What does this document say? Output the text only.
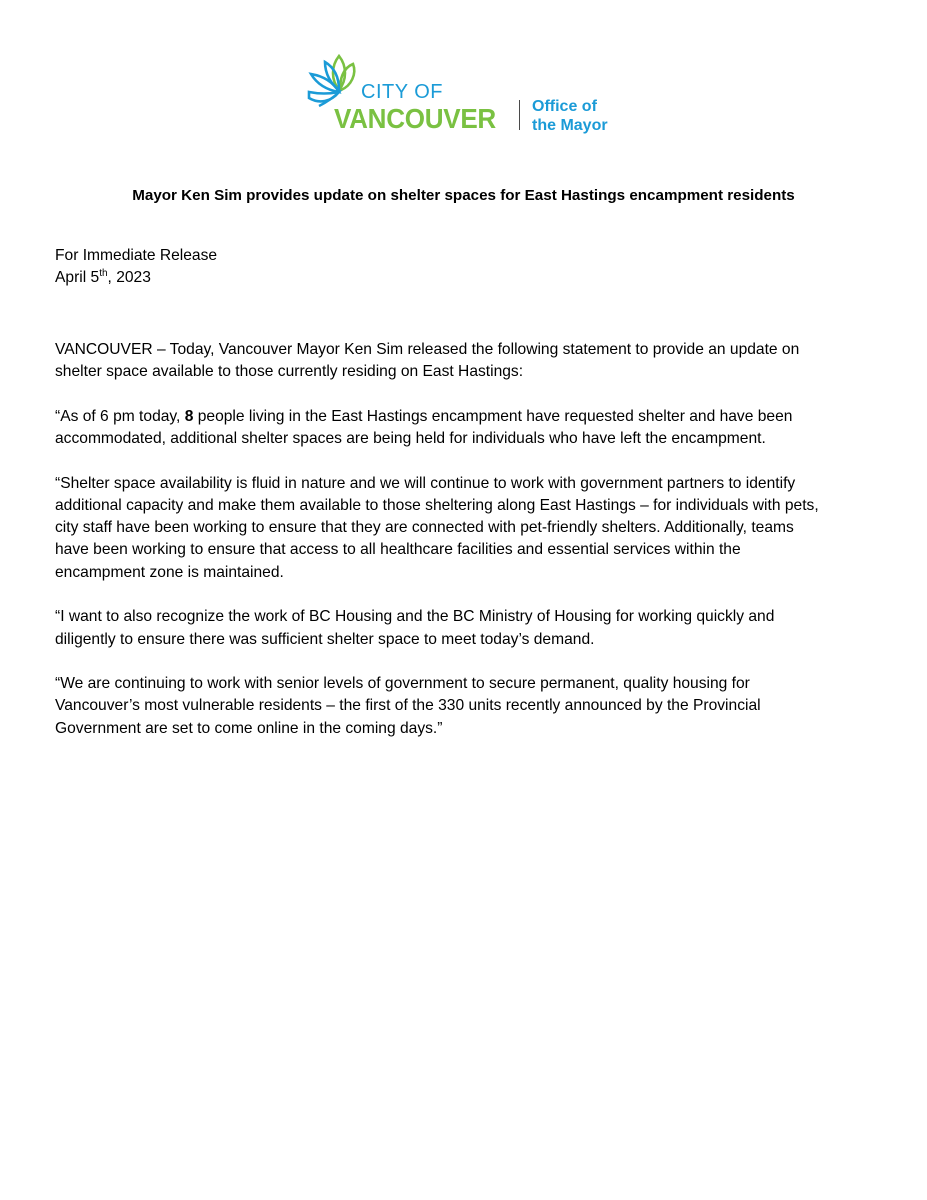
CITY OF
VANCOUVER Office of
the Mayor
Mayor Ken Sim provides update on shelter spaces for East Hastings encampment residents
For Immediate Release
April 5th, 2023

VANCOUVER – Today, Vancouver Mayor Ken Sim released the following statement to provide an update on
shelter space available to those currently residing on East Hastings:

“As of 6 pm today, 8 people living in the East Hastings encampment have requested shelter and have been
accommodated, additional shelter spaces are being held for individuals who have left the encampment.

“Shelter space availability is fluid in nature and we will continue to work with government partners to identify
additional capacity and make them available to those sheltering along East Hastings – for individuals with pets,
city staff have been working to ensure that they are connected with pet-friendly shelters. Additionally, teams
have been working to ensure that access to all healthcare facilities and essential services within the
encampment zone is maintained.

“I want to also recognize the work of BC Housing and the BC Ministry of Housing for working quickly and
diligently to ensure there was sufficient shelter space to meet today’s demand.

“We are continuing to work with senior levels of government to secure permanent, quality housing for
Vancouver’s most vulnerable residents – the first of the 330 units recently announced by the Provincial
Government are set to come online in the coming days.”
